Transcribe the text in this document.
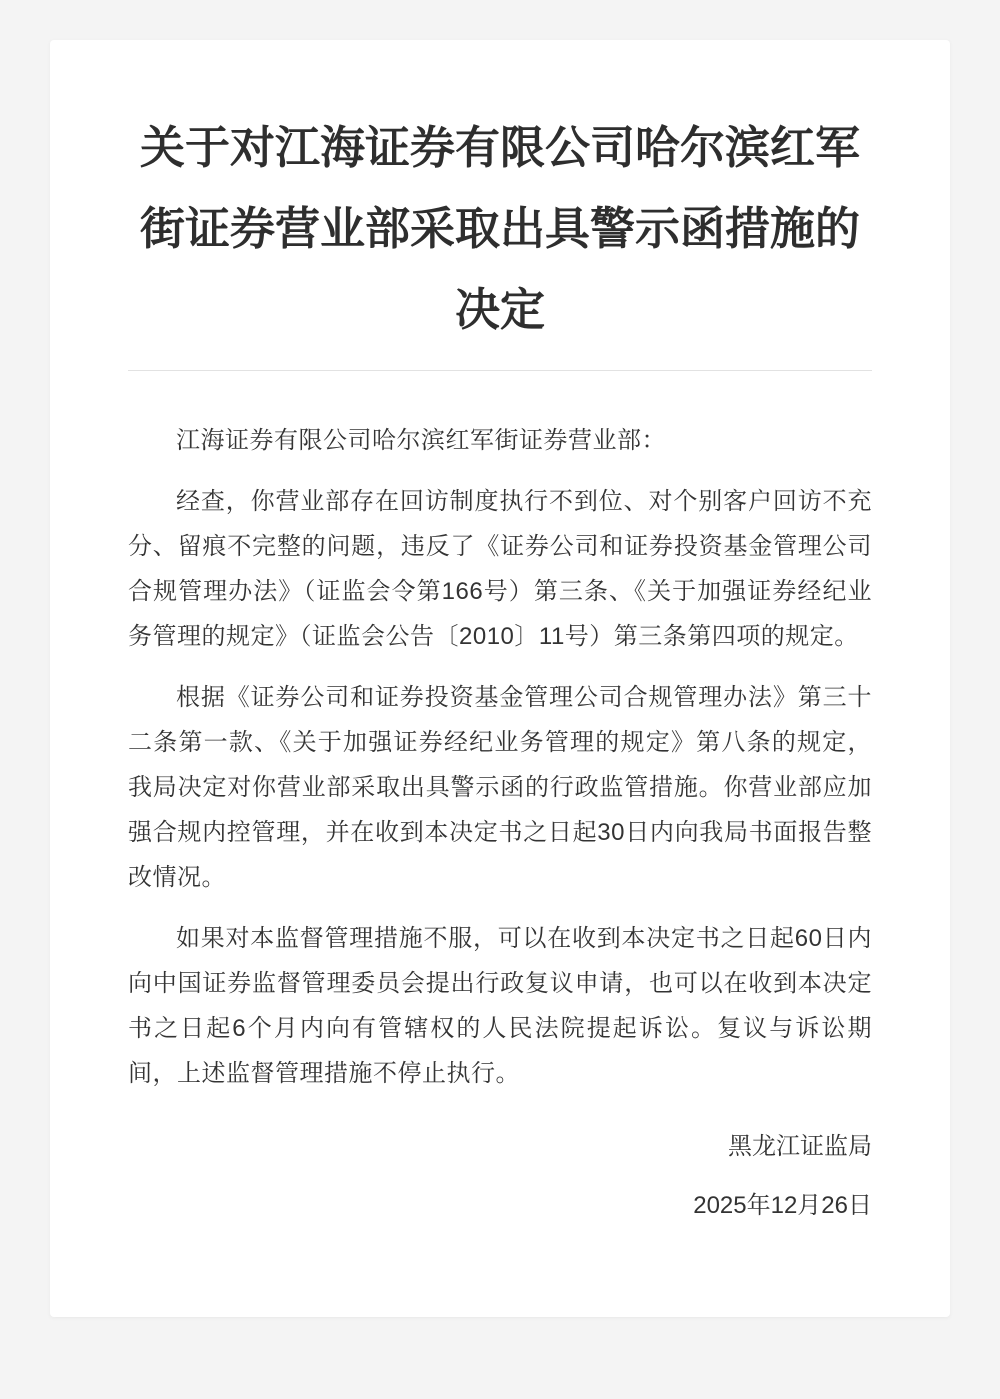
关于对江海证券有限公司哈尔滨红军街证券营业部采取出具警示函措施的决定

江海证券有限公司哈尔滨红军街证券营业部：

经查，你营业部存在回访制度执行不到位、对个别客户回访不充分、留痕不完整的问题，违反了《证券公司和证券投资基金管理公司合规管理办法》（证监会令第166号）第三条、《关于加强证券经纪业务管理的规定》（证监会公告〔2010〕11号）第三条第四项的规定。

根据《证券公司和证券投资基金管理公司合规管理办法》第三十二条第一款、《关于加强证券经纪业务管理的规定》第八条的规定，我局决定对你营业部采取出具警示函的行政监管措施。你营业部应加强合规内控管理，并在收到本决定书之日起30日内向我局书面报告整改情况。

如果对本监督管理措施不服，可以在收到本决定书之日起60日内向中国证券监督管理委员会提出行政复议申请，也可以在收到本决定书之日起6个月内向有管辖权的人民法院提起诉讼。复议与诉讼期间，上述监督管理措施不停止执行。

黑龙江证监局

2025年12月26日
